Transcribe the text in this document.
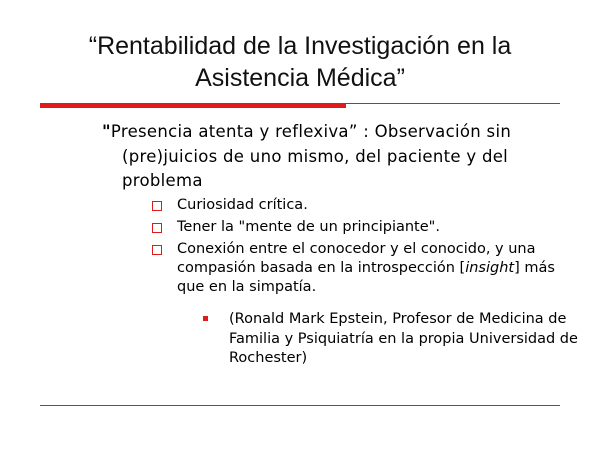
“Rentabilidad de la Investigación en la
Asistencia Médica”
"Presencia atenta y reflexiva” : Observación sin (pre)juicios de uno mismo, del paciente y del problema
Curiosidad crítica.
Tener la "mente de un principiante".
Conexión entre el conocedor y el conocido, y una compasión basada en la introspección [insight] más que en la simpatía.
(Ronald Mark Epstein, Profesor de Medicina de Familia y Psiquiatría en la propia Universidad de Rochester)
